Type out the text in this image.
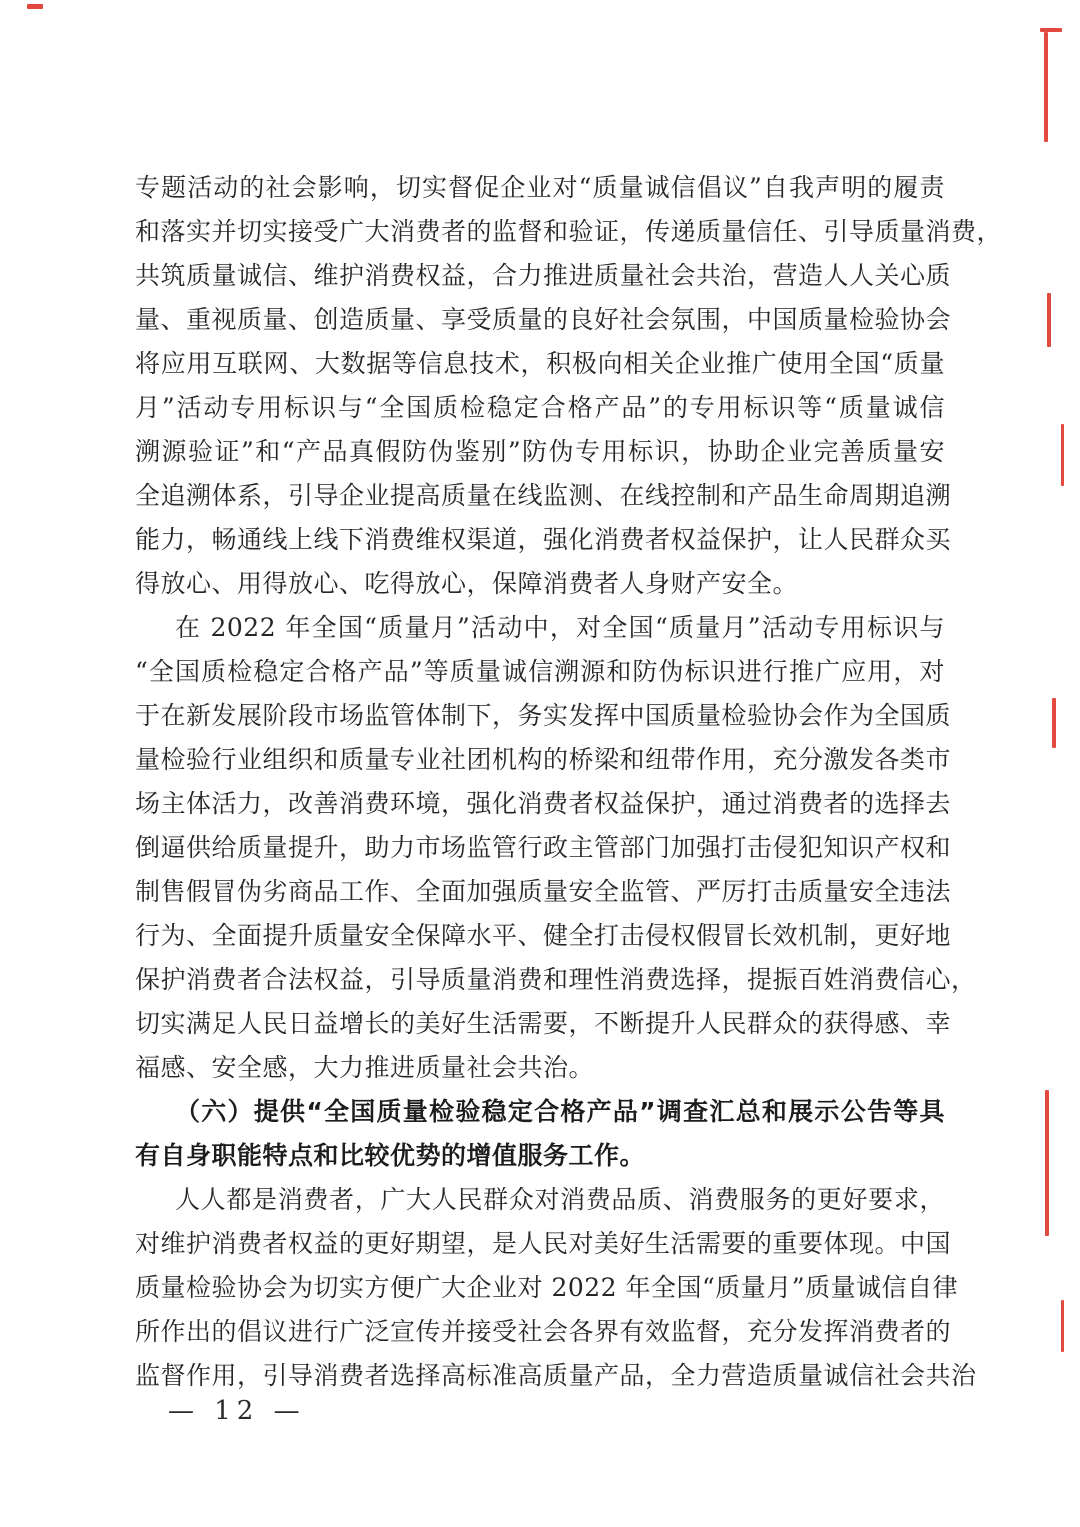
专题活动的社会影响，切实督促企业对“质量诚信倡议”自我声明的履责
和落实并切实接受广大消费者的监督和验证，传递质量信任、引导质量消费，
共筑质量诚信、维护消费权益，合力推进质量社会共治，营造人人关心质
量、重视质量、创造质量、享受质量的良好社会氛围，中国质量检验协会
将应用互联网、大数据等信息技术，积极向相关企业推广使用全国“质量
月”活动专用标识与“全国质检稳定合格产品”的专用标识等“质量诚信
溯源验证”和“产品真假防伪鉴别”防伪专用标识，协助企业完善质量安
全追溯体系，引导企业提高质量在线监测、在线控制和产品生命周期追溯
能力，畅通线上线下消费维权渠道，强化消费者权益保护，让人民群众买
得放心、用得放心、吃得放心，保障消费者人身财产安全。
在 2022 年全国“质量月”活动中，对全国“质量月”活动专用标识与
“全国质检稳定合格产品”等质量诚信溯源和防伪标识进行推广应用，对
于在新发展阶段市场监管体制下，务实发挥中国质量检验协会作为全国质
量检验行业组织和质量专业社团机构的桥梁和纽带作用，充分激发各类市
场主体活力，改善消费环境，强化消费者权益保护，通过消费者的选择去
倒逼供给质量提升，助力市场监管行政主管部门加强打击侵犯知识产权和
制售假冒伪劣商品工作、全面加强质量安全监管、严厉打击质量安全违法
行为、全面提升质量安全保障水平、健全打击侵权假冒长效机制，更好地
保护消费者合法权益，引导质量消费和理性消费选择，提振百姓消费信心，
切实满足人民日益增长的美好生活需要，不断提升人民群众的获得感、幸
福感、安全感，大力推进质量社会共治。
（六）提供“全国质量检验稳定合格产品”调查汇总和展示公告等具
有自身职能特点和比较优势的增值服务工作。
人人都是消费者，广大人民群众对消费品质、消费服务的更好要求，
对维护消费者权益的更好期望，是人民对美好生活需要的重要体现。中国
质量检验协会为切实方便广大企业对 2022 年全国“质量月”质量诚信自律
所作出的倡议进行广泛宣传并接受社会各界有效监督，充分发挥消费者的
监督作用，引导消费者选择高标准高质量产品，全力营造质量诚信社会共治
— 12 —
